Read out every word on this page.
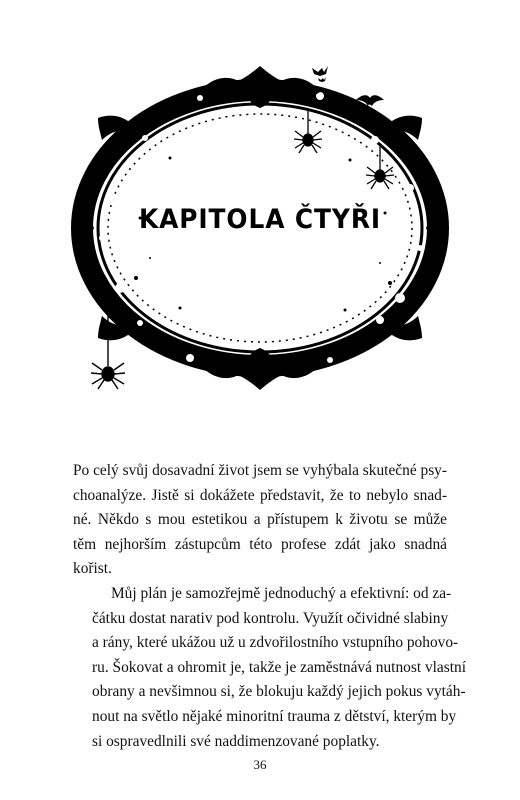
KAPITOLA ČTYŘI

Po celý svůj dosavadní život jsem se vyhýbala skutečné psy-
choanalýze. Jistě si dokážete představit, že to nebylo snad-
né. Někdo s mou estetikou a přístupem k životu se může
těm nejhorším zástupcům této profese zdát jako snadná
kořist.

Můj plán je samozřejmě jednoduchý a efektivní: od za-
čátku dostat narativ pod kontrolu. Využít očividné slabiny
a rány, které ukážou už u zdvořilostního vstupního pohovo-
ru. Šokovat a ohromit je, takže je zaměstnává nutnost vlastní
obrany a nevšimnou si, že blokuju každý jejich pokus vytáh-
nout na světlo nějaké minoritní trauma z dětství, kterým by
si ospravedlnili své naddimenzované poplatky.

36
